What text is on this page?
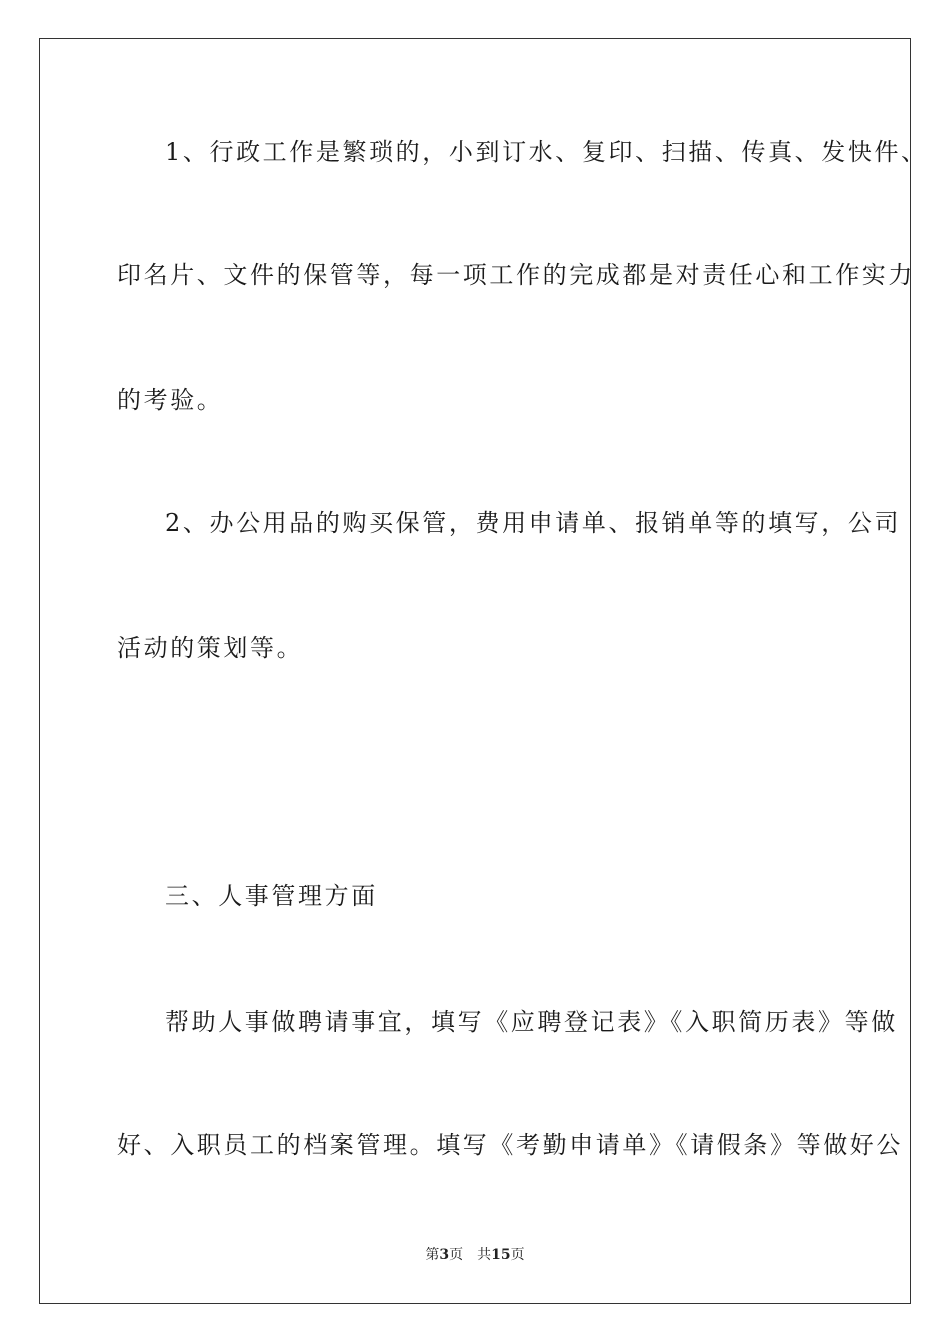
1、行政工作是繁琐的，小到订水、复印、扫描、传真、发快件、

印名片、文件的保管等，每一项工作的完成都是对责任心和工作实力

的考验。

2、办公用品的购买保管，费用申请单、报销单等的填写，公司

活动的策划等。

三、人事管理方面

帮助人事做聘请事宜，填写《应聘登记表》《入职简历表》等做

好、入职员工的档案管理。填写《考勤申请单》《请假条》等做好公

第3页 共15页
